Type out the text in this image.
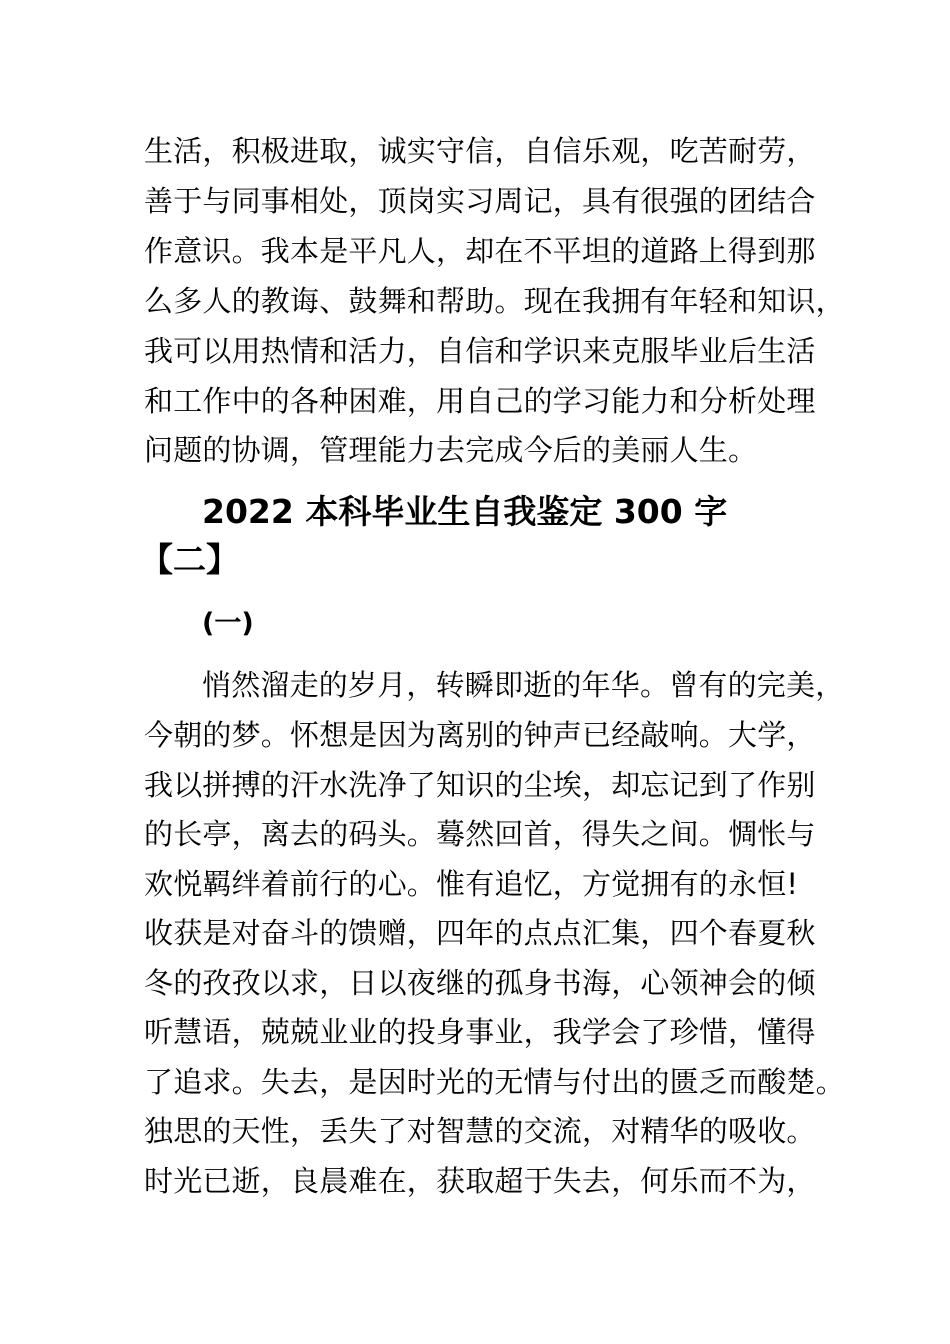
生活，积极进取，诚实守信，自信乐观，吃苦耐劳，
善于与同事相处，顶岗实习周记，具有很强的团结合
作意识。我本是平凡人，却在不平坦的道路上得到那
么多人的教诲、鼓舞和帮助。现在我拥有年轻和知识，
我可以用热情和活力，自信和学识来克服毕业后生活
和工作中的各种困难，用自己的学习能力和分析处理
问题的协调，管理能力去完成今后的美丽人生。
2022 本科毕业生自我鉴定 300 字
【二】
(一)
悄然溜走的岁月，转瞬即逝的年华。曾有的完美，
今朝的梦。怀想是因为离别的钟声已经敲响。大学，
我以拼搏的汗水洗净了知识的尘埃，却忘记到了作别
的长亭，离去的码头。蓦然回首，得失之间。惆怅与
欢悦羁绊着前行的心。惟有追忆，方觉拥有的永恒!
收获是对奋斗的馈赠，四年的点点汇集，四个春夏秋
冬的孜孜以求，日以夜继的孤身书海，心领神会的倾
听慧语，兢兢业业的投身事业，我学会了珍惜，懂得
了追求。失去，是因时光的无情与付出的匮乏而酸楚。
独思的天性，丢失了对智慧的交流，对精华的吸收。
时光已逝，良晨难在，获取超于失去，何乐而不为，
